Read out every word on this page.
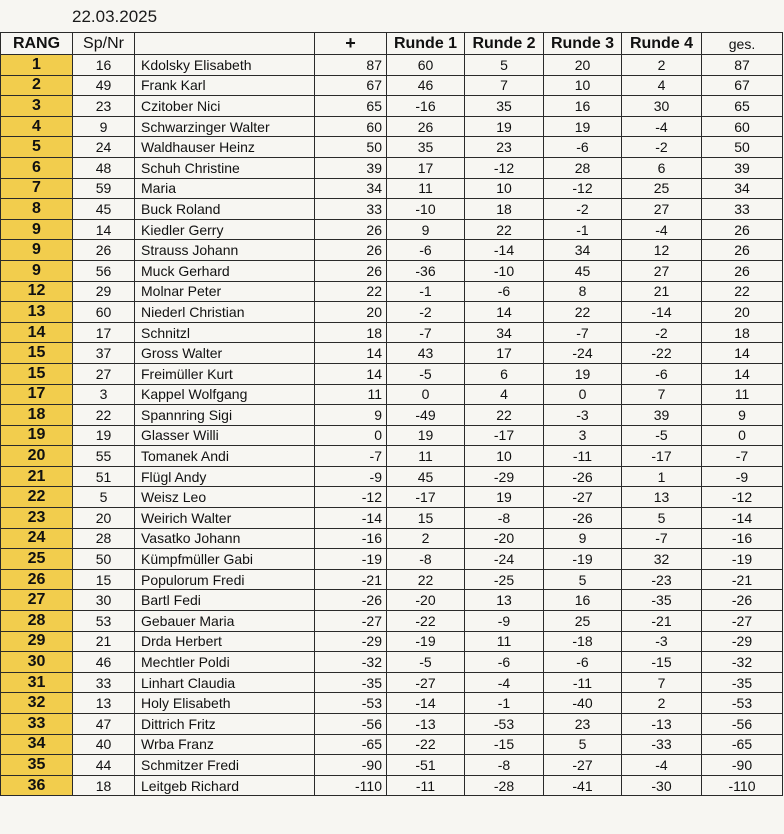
22.03.2025
RANG	Sp/Nr		+	Runde 1	Runde 2	Runde 3	Runde 4	ges.
1	16	Kdolsky Elisabeth	87	60	5	20	2	87
2	49	Frank Karl	67	46	7	10	4	67
3	23	Czitober Nici	65	-16	35	16	30	65
4	9	Schwarzinger Walter	60	26	19	19	-4	60
5	24	Waldhauser Heinz	50	35	23	-6	-2	50
6	48	Schuh Christine	39	17	-12	28	6	39
7	59	Maria	34	11	10	-12	25	34
8	45	Buck Roland	33	-10	18	-2	27	33
9	14	Kiedler Gerry	26	9	22	-1	-4	26
9	26	Strauss Johann	26	-6	-14	34	12	26
9	56	Muck Gerhard	26	-36	-10	45	27	26
12	29	Molnar Peter	22	-1	-6	8	21	22
13	60	Niederl Christian	20	-2	14	22	-14	20
14	17	Schnitzl	18	-7	34	-7	-2	18
15	37	Gross Walter	14	43	17	-24	-22	14
15	27	Freimüller Kurt	14	-5	6	19	-6	14
17	3	Kappel Wolfgang	11	0	4	0	7	11
18	22	Spannring Sigi	9	-49	22	-3	39	9
19	19	Glasser Willi	0	19	-17	3	-5	0
20	55	Tomanek Andi	-7	11	10	-11	-17	-7
21	51	Flügl Andy	-9	45	-29	-26	1	-9
22	5	Weisz Leo	-12	-17	19	-27	13	-12
23	20	Weirich Walter	-14	15	-8	-26	5	-14
24	28	Vasatko Johann	-16	2	-20	9	-7	-16
25	50	Kümpfmüller Gabi	-19	-8	-24	-19	32	-19
26	15	Populorum Fredi	-21	22	-25	5	-23	-21
27	30	Bartl Fedi	-26	-20	13	16	-35	-26
28	53	Gebauer Maria	-27	-22	-9	25	-21	-27
29	21	Drda Herbert	-29	-19	11	-18	-3	-29
30	46	Mechtler Poldi	-32	-5	-6	-6	-15	-32
31	33	Linhart Claudia	-35	-27	-4	-11	7	-35
32	13	Holy Elisabeth	-53	-14	-1	-40	2	-53
33	47	Dittrich Fritz	-56	-13	-53	23	-13	-56
34	40	Wrba Franz	-65	-22	-15	5	-33	-65
35	44	Schmitzer Fredi	-90	-51	-8	-27	-4	-90
36	18	Leitgeb Richard	-110	-11	-28	-41	-30	-110
